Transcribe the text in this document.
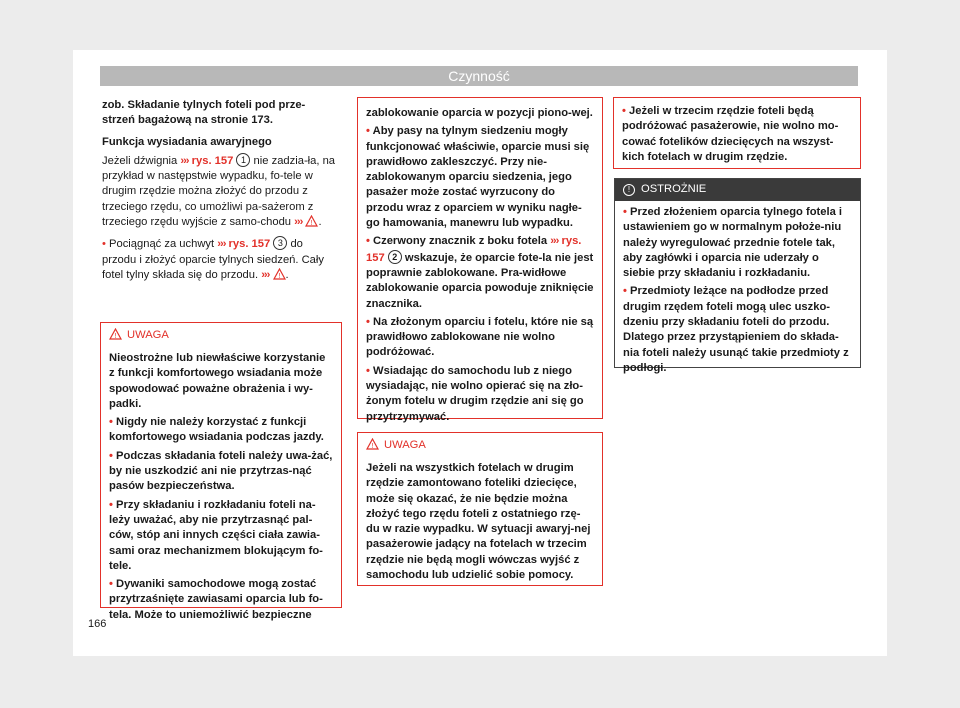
Czynność

zob. Składanie tylnych foteli pod prze-strzeń bagażową na stronie 173.

Funkcja wysiadania awaryjnego

Jeżeli dźwignia ››› rys. 157 1 nie zadzia-ła, na przykład w następstwie wypadku, fo-tele w drugim rzędzie można złożyć do przodu z trzeciego rzędu, co umożliwi pa-sażerom z trzeciego rzędu wyjście z samo-chodu ››› ! .

• Pociągnąć za uchwyt ››› rys. 157 3 do przodu i złożyć oparcie tylnych siedzeń. Cały fotel tylny składa się do przodu. ››› ! .

! UWAGA

Nieostrożne lub niewłaściwe korzystanie z funkcji komfortowego wsiadania może spowodować poważne obrażenia i wy-padki.

• Nigdy nie należy korzystać z funkcji komfortowego wsiadania podczas jazdy.

• Podczas składania foteli należy uwa-żać, by nie uszkodzić ani nie przytrzas-nąć pasów bezpieczeństwa.

• Przy składaniu i rozkładaniu foteli na-leży uważać, aby nie przytrzasnąć pal-ców, stóp ani innych części ciała zawia-sami oraz mechanizmem blokującym fo-tele.

• Dywaniki samochodowe mogą zostać przytrzaśnięte zawiasami oparcia lub fo-tela. Może to uniemożliwić bezpieczne

zablokowanie oparcia w pozycji piono-wej.

• Aby pasy na tylnym siedzeniu mogły funkcjonować właściwie, oparcie musi się prawidłowo zakleszczyć. Przy nie-zablokowanym oparciu siedzenia, jego pasażer może zostać wyrzucony do przodu wraz z oparciem w wyniku nagłe-go hamowania, manewru lub wypadku.

• Czerwony znacznik z boku fotela ››› rys. 157 2 wskazuje, że oparcie fote-la nie jest poprawnie zablokowane. Pra-widłowe zablokowanie oparcia powoduje zniknięcie znacznika.

• Na złożonym oparciu i fotelu, które nie są prawidłowo zablokowane nie wolno podróżować.

• Wsiadając do samochodu lub z niego wysiadając, nie wolno opierać się na zło-żonym fotelu w drugim rzędzie ani się go przytrzymywać.

! UWAGA
Jeżeli na wszystkich fotelach w drugim rzędzie zamontowano foteliki dziecięce, może się okazać, że nie będzie można złożyć tego rzędu foteli z ostatniego rzę-du w razie wypadku. W sytuacji awaryj-nej pasażerowie jadący na fotelach w trzecim rzędzie nie będą mogli wówczas wyjść z samochodu lub udzielić sobie pomocy.

• Jeżeli w trzecim rzędzie foteli będą podróżować pasażerowie, nie wolno mo-cować fotelików dziecięcych na wszyst-kich fotelach w drugim rzędzie.

! OSTROŻNIE

• Przed złożeniem oparcia tylnego fotela i ustawieniem go w normalnym położe-niu należy wyregulować przednie fotele tak, aby zagłówki i oparcia nie uderzały o siebie przy składaniu i rozkładaniu.

• Przedmioty leżące na podłodze przed drugim rzędem foteli mogą ulec uszko-dzeniu przy składaniu foteli do przodu. Dlatego przez przystąpieniem do składa-nia foteli należy usunąć takie przedmioty z podłogi.

166
